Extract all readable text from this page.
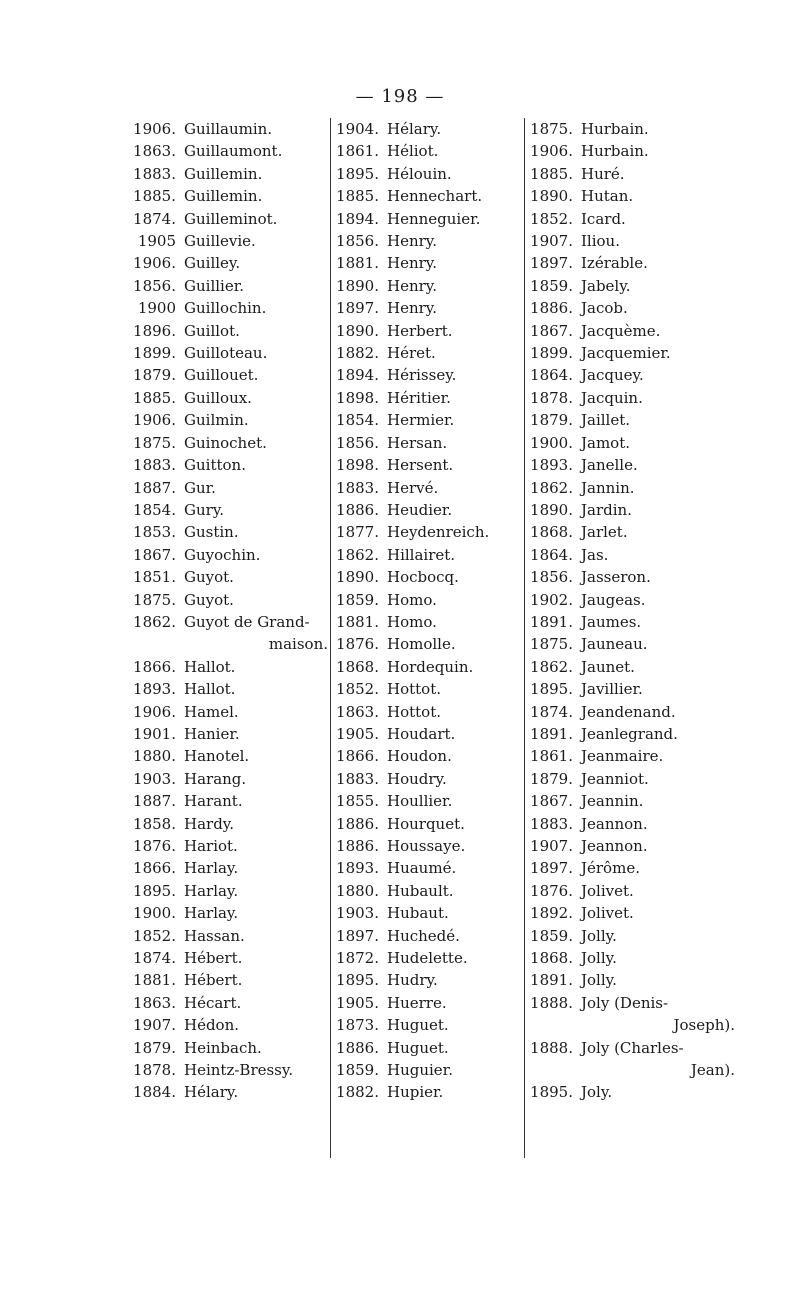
— 198 —
1906. Guillaumin.
1863. Guillaumont.
1883. Guillemin.
1885. Guillemin.
1874. Guilleminot.
1905 Guillevie.
1906. Guilley.
1856. Guillier.
1900 Guillochin.
1896. Guillot.
1899. Guilloteau.
1879. Guillouet.
1885. Guilloux.
1906. Guilmin.
1875. Guinochet.
1883. Guitton.
1887. Gur.
1854. Gury.
1853. Gustin.
1867. Guyochin.
1851. Guyot.
1875. Guyot.
1862. Guyot de Grand-
maison.
1866. Hallot.
1893. Hallot.
1906. Hamel.
1901. Hanier.
1880. Hanotel.
1903. Harang.
1887. Harant.
1858. Hardy.
1876. Hariot.
1866. Harlay.
1895. Harlay.
1900. Harlay.
1852. Hassan.
1874. Hébert.
1881. Hébert.
1863. Hécart.
1907. Hédon.
1879. Heinbach.
1878. Heintz-Bressy.
1884. Hélary.
1904. Hélary.
1861. Héliot.
1895. Hélouin.
1885. Hennechart.
1894. Henneguier.
1856. Henry.
1881. Henry.
1890. Henry.
1897. Henry.
1890. Herbert.
1882. Héret.
1894. Hérissey.
1898. Héritier.
1854. Hermier.
1856. Hersan.
1898. Hersent.
1883. Hervé.
1886. Heudier.
1877. Heydenreich.
1862. Hillairet.
1890. Hocbocq.
1859. Homo.
1881. Homo.
1876. Homolle.
1868. Hordequin.
1852. Hottot.
1863. Hottot.
1905. Houdart.
1866. Houdon.
1883. Houdry.
1855. Houllier.
1886. Hourquet.
1886. Houssaye.
1893. Huaumé.
1880. Hubault.
1903. Hubaut.
1897. Huchedé.
1872. Hudelette.
1895. Hudry.
1905. Huerre.
1873. Huguet.
1886. Huguet.
1859. Huguier.
1882. Hupier.
1875. Hurbain.
1906. Hurbain.
1885. Huré.
1890. Hutan.
1852. Icard.
1907. Iliou.
1897. Izérable.
1859. Jabely.
1886. Jacob.
1867. Jacquème.
1899. Jacquemier.
1864. Jacquey.
1878. Jacquin.
1879. Jaillet.
1900. Jamot.
1893. Janelle.
1862. Jannin.
1890. Jardin.
1868. Jarlet.
1864. Jas.
1856. Jasseron.
1902. Jaugeas.
1891. Jaumes.
1875. Jauneau.
1862. Jaunet.
1895. Javillier.
1874. Jeandenand.
1891. Jeanlegrand.
1861. Jeanmaire.
1879. Jeanniot.
1867. Jeannin.
1883. Jeannon.
1907. Jeannon.
1897. Jérôme.
1876. Jolivet.
1892. Jolivet.
1859. Jolly.
1868. Jolly.
1891. Jolly.
1888. Joly (Denis-
Joseph).
1888. Joly (Charles-
Jean).
1895. Joly.
